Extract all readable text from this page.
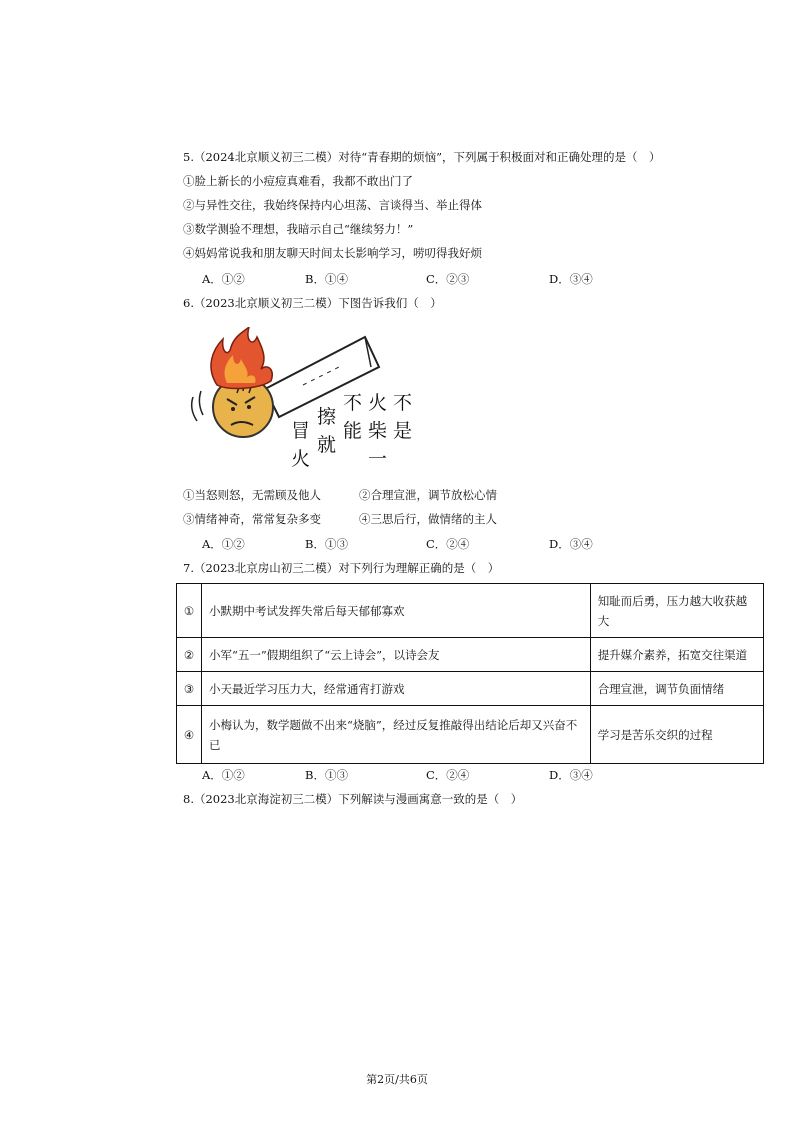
5.（2024北京顺义初三二模）对待“青春期的烦恼”，下列属于积极面对和正确处理的是（　）
①脸上新长的小痘痘真难看，我都不敢出门了
②与异性交往，我始终保持内心坦荡、言谈得当、举止得体
③数学测验不理想，我暗示自己“继续努力！”
④妈妈常说我和朋友聊天时间太长影响学习，唠叨得我好烦
A．①②	B．①④	C．②③	D．③④
6.（2023北京顺义初三二模）下图告诉我们（　）
不
是
火
柴
一
不
能
擦
就
冒
火
①当怒则怒，无需顾及他人	②合理宣泄，调节放松心情
③情绪神奇，常常复杂多变	④三思后行，做情绪的主人
A．①②	B．①③	C．②④	D．③④
7.（2023北京房山初三二模）对下列行为理解正确的是（　）
①	小默期中考试发挥失常后每天郁郁寡欢	知耻而后勇，压力越大收获越大
②	小军“五一”假期组织了“云上诗会”，以诗会友	提升媒介素养，拓宽交往渠道
③	小天最近学习压力大，经常通宵打游戏	合理宣泄，调节负面情绪
④	小梅认为，数学题做不出来“烧脑”，经过反复推敲得出结论后却又兴奋不已	学习是苦乐交织的过程
A．①②	B．①③	C．②④	D．③④
8.（2023北京海淀初三二模）下列解读与漫画寓意一致的是（　）
第2页/共6页
